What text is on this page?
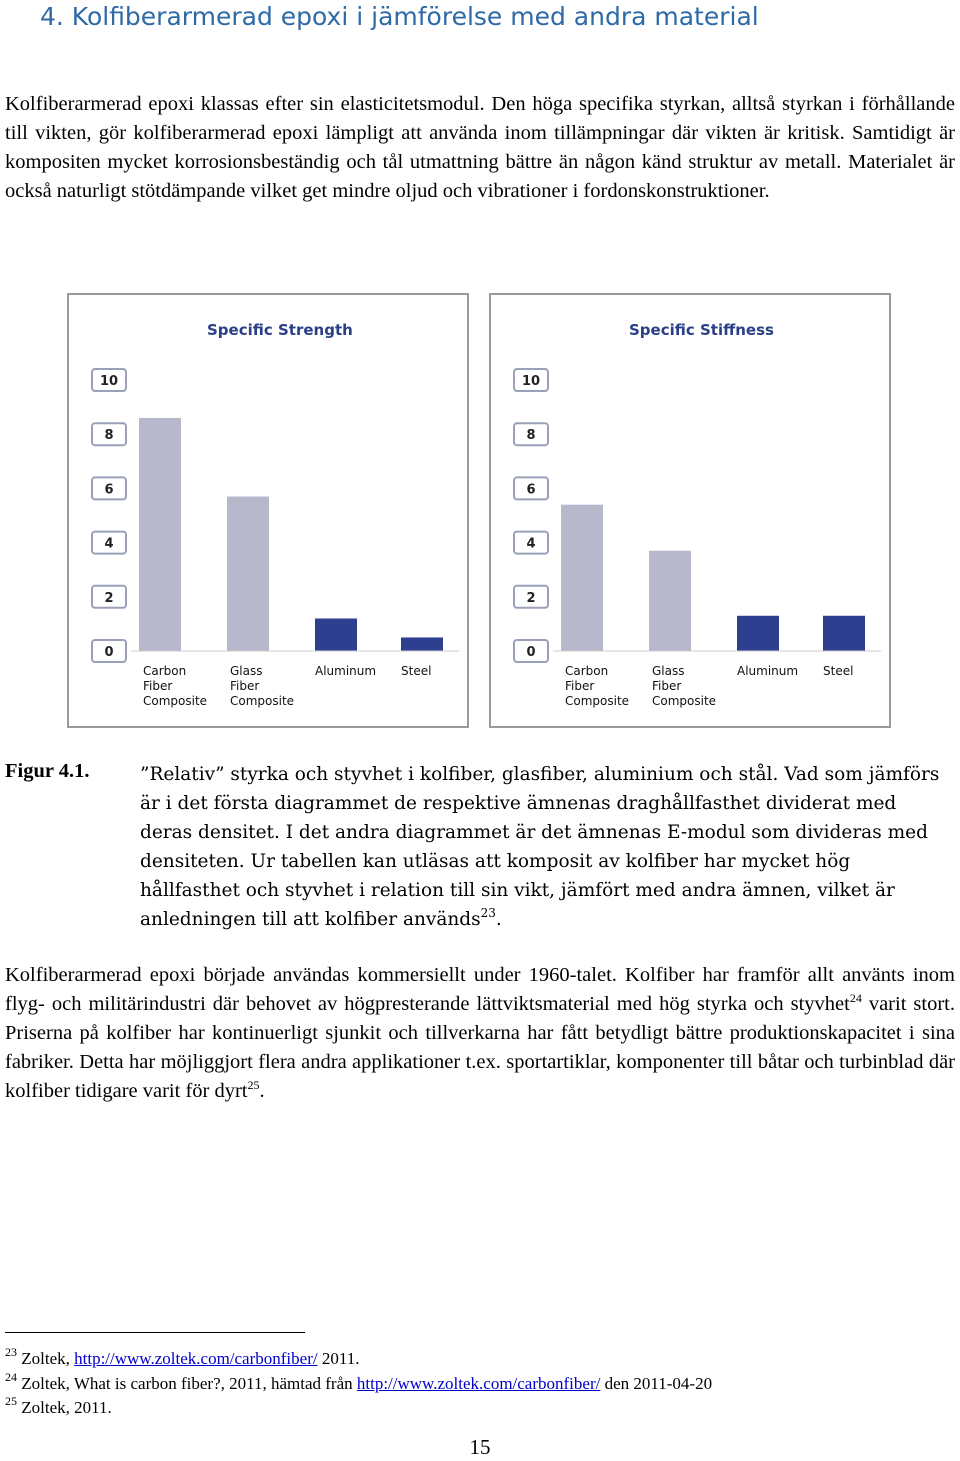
4. Kolfiberarmerad epoxi i jämförelse med andra material

Kolfiberarmerad epoxi klassas efter sin elasticitetsmodul. Den höga specifika styrkan, alltså styrkan i förhållande till vikten, gör kolfiberarmerad epoxi lämpligt att använda inom tillämpningar där vikten är kritisk. Samtidigt är kompositen mycket korrosionsbeständig och tål utmattning bättre än någon känd struktur av metall. Materialet är också naturligt stötdämpande vilket get mindre oljud och vibrationer i fordonskonstruktioner.

Specific Strength
0
2
4
6
8
10
Carbon
Fiber
Composite
Glass
Fiber
Composite
Aluminum Steel
Specific Stiffness
0
2
4
6
8
10
Carbon
Fiber
Composite
Glass
Fiber
Composite
Aluminum Steel
Figur 4.1.	”Relativ” styrka och styvhet i kolfiber, glasfiber, aluminium och stål. Vad som jämförs är i det första diagrammet de respektive ämnenas draghållfasthet dividerat med deras densitet. I det andra diagrammet är det ämnenas E-modul som divideras med densiteten. Ur tabellen kan utläsas att komposit av kolfiber har mycket hög hållfasthet och styvhet i relation till sin vikt, jämfört med andra ämnen, vilket är anledningen till att kolfiber används$^{23}$.

Kolfiberarmerad epoxi började användas kommersiellt under 1960-talet. Kolfiber har framför allt använts inom flyg- och militärindustri där behovet av högpresterande lättviktsmaterial med hög styrka och styvhet$^{24}$ varit stort. Priserna på kolfiber har kontinuerligt sjunkit och tillverkarna har fått betydligt bättre produktionskapacitet i sina fabriker. Detta har möjliggjort flera andra applikationer t.ex. sportartiklar, komponenter till båtar och turbinblad där kolfiber tidigare varit för dyrt$^{25}$.

$^{23}$ Zoltek, http://www.zoltek.com/carbonfiber/ 2011.
$^{24}$ Zoltek, What is carbon fiber?, 2011, hämtad från http://www.zoltek.com/carbonfiber/ den 2011-04-20
$^{25}$ Zoltek, 2011.
15
